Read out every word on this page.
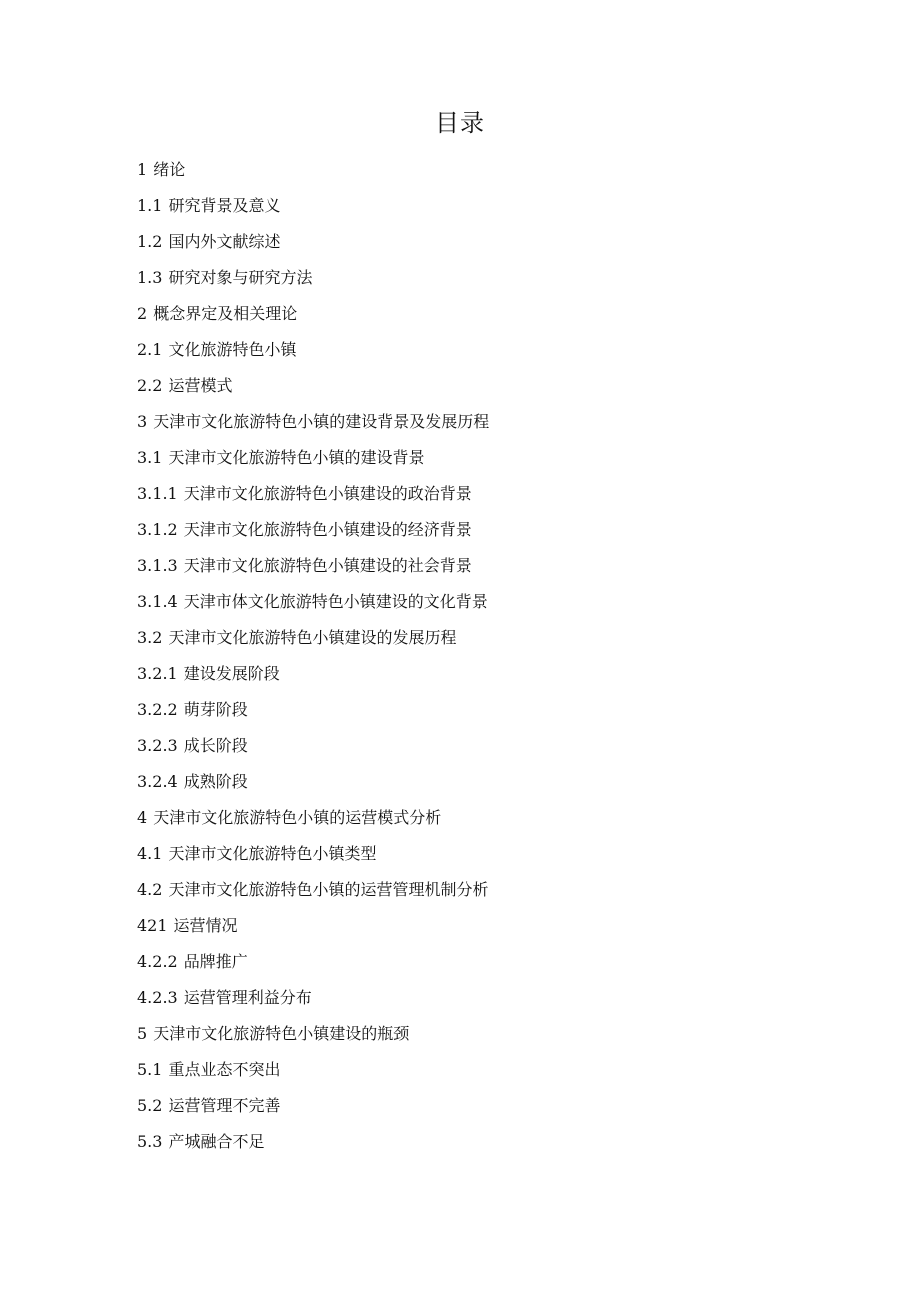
目录
1 绪论
1.1 研究背景及意义
1.2 国内外文献综述
1.3 研究对象与研究方法
2 概念界定及相关理论
2.1 文化旅游特色小镇
2.2 运营模式
3 天津市文化旅游特色小镇的建设背景及发展历程
3.1 天津市文化旅游特色小镇的建设背景
3.1.1 天津市文化旅游特色小镇建设的政治背景
3.1.2 天津市文化旅游特色小镇建设的经济背景
3.1.3 天津市文化旅游特色小镇建设的社会背景
3.1.4 天津市体文化旅游特色小镇建设的文化背景
3.2 天津市文化旅游特色小镇建设的发展历程
3.2.1 建设发展阶段
3.2.2 萌芽阶段
3.2.3 成长阶段
3.2.4 成熟阶段
4 天津市文化旅游特色小镇的运营模式分析
4.1 天津市文化旅游特色小镇类型
4.2 天津市文化旅游特色小镇的运营管理机制分析
421 运营情况
4.2.2 品牌推广
4.2.3 运营管理利益分布
5 天津市文化旅游特色小镇建设的瓶颈
5.1 重点业态不突出
5.2 运营管理不完善
5.3 产城融合不足
